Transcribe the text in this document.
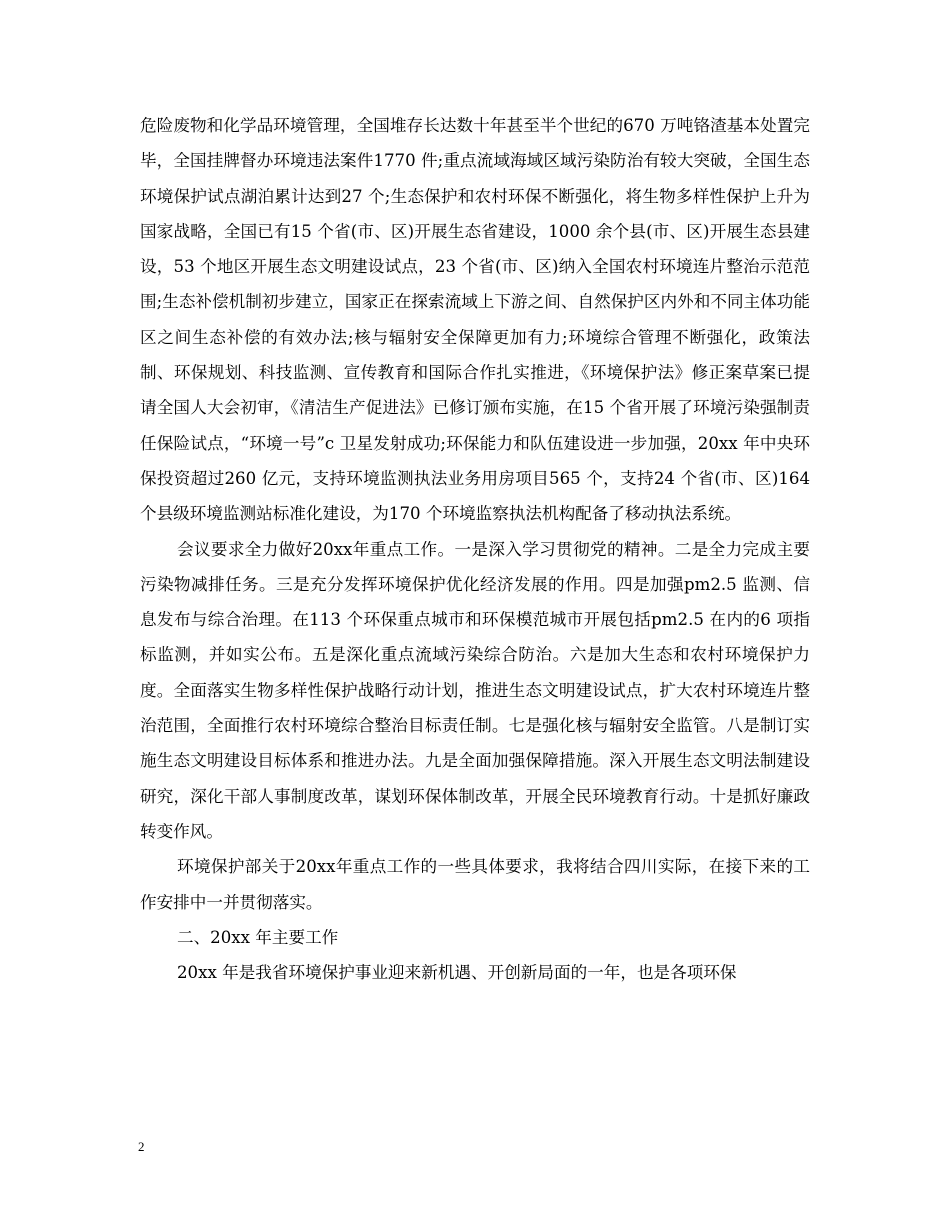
危险废物和化学品环境管理，全国堆存长达数十年甚至半个世纪的670 万吨铬渣基本处置完毕，全国挂牌督办环境违法案件1770 件;重点流域海域区域污染防治有较大突破，全国生态环境保护试点湖泊累计达到27 个;生态保护和农村环保不断强化，将生物多样性保护上升为国家战略，全国已有15 个省(市、区)开展生态省建设，1000 余个县(市、区)开展生态县建设，53 个地区开展生态文明建设试点，23 个省(市、区)纳入全国农村环境连片整治示范范围;生态补偿机制初步建立，国家正在探索流域上下游之间、自然保护区内外和不同主体功能区之间生态补偿的有效办法;核与辐射安全保障更加有力;环境综合管理不断强化，政策法制、环保规划、科技监测、宣传教育和国际合作扎实推进，《环境保护法》修正案草案已提请全国人大会初审，《清洁生产促进法》已修订颁布实施，在15 个省开展了环境污染强制责任保险试点，“环境一号”c 卫星发射成功;环保能力和队伍建设进一步加强，20xx 年中央环保投资超过260 亿元，支持环境监测执法业务用房项目565 个，支持24 个省(市、区)164 个县级环境监测站标准化建设，为170 个环境监察执法机构配备了移动执法系统。

会议要求全力做好20xx年重点工作。一是深入学习贯彻党的精神。二是全力完成主要污染物减排任务。三是充分发挥环境保护优化经济发展的作用。四是加强pm2.5 监测、信息发布与综合治理。在113 个环保重点城市和环保模范城市开展包括pm2.5 在内的6 项指标监测，并如实公布。五是深化重点流域污染综合防治。六是加大生态和农村环境保护力度。全面落实生物多样性保护战略行动计划，推进生态文明建设试点，扩大农村环境连片整治范围，全面推行农村环境综合整治目标责任制。七是强化核与辐射安全监管。八是制订实施生态文明建设目标体系和推进办法。九是全面加强保障措施。深入开展生态文明法制建设研究，深化干部人事制度改革，谋划环保体制改革，开展全民环境教育行动。十是抓好廉政转变作风。

环境保护部关于20xx年重点工作的一些具体要求，我将结合四川实际，在接下来的工作安排中一并贯彻落实。

二、20xx 年主要工作

20xx 年是我省环境保护事业迎来新机遇、开创新局面的一年，也是各项环保

2
